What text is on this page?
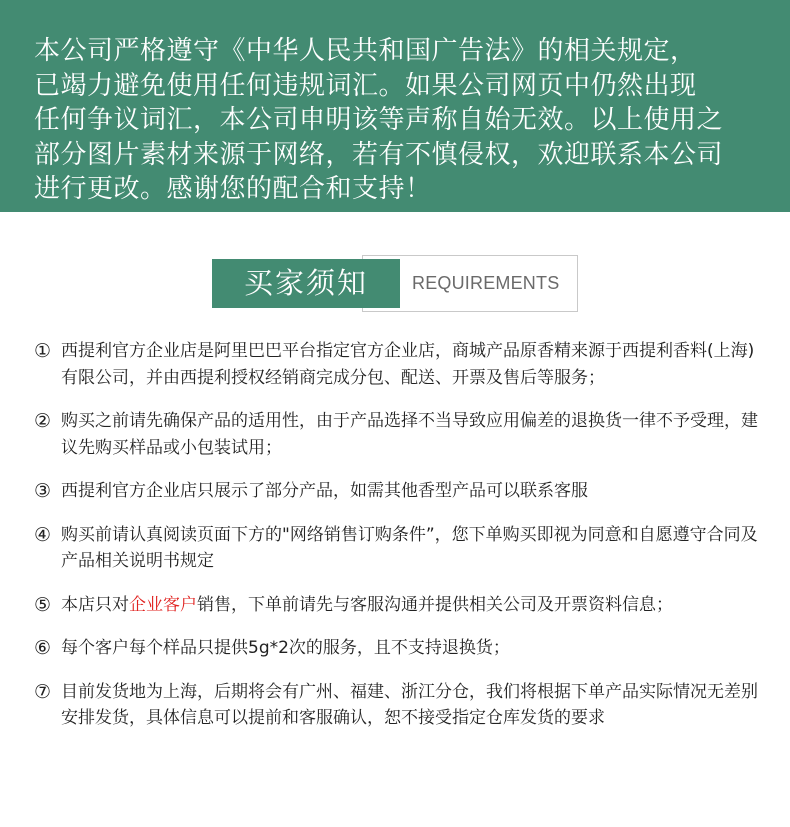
本公司严格遵守《中华人民共和国广告法》的相关规定，
已竭力避免使用任何违规词汇。如果公司网页中仍然出现
任何争议词汇，本公司申明该等声称自始无效。以上使用之
部分图片素材来源于网络，若有不慎侵权，欢迎联系本公司
进行更改。感谢您的配合和支持！
买家须知	REQUIREMENTS
① 西提利官方企业店是阿里巴巴平台指定官方企业店，商城产品原香精来源于西提利香料(上海)有限公司，并由西提利授权经销商完成分包、配送、开票及售后等服务；
② 购买之前请先确保产品的适用性，由于产品选择不当导致应用偏差的退换货一律不予受理，建议先购买样品或小包装试用；
③ 西提利官方企业店只展示了部分产品，如需其他香型产品可以联系客服
④ 购买前请认真阅读页面下方的"网络销售订购条件”，您下单购买即视为同意和自愿遵守合同及产品相关说明书规定
⑤ 本店只对企业客户销售，下单前请先与客服沟通并提供相关公司及开票资料信息；
⑥ 每个客户每个样品只提供5g*2次的服务，且不支持退换货；
⑦ 目前发货地为上海，后期将会有广州、福建、浙江分仓，我们将根据下单产品实际情况无差别安排发货，具体信息可以提前和客服确认，恕不接受指定仓库发货的要求
